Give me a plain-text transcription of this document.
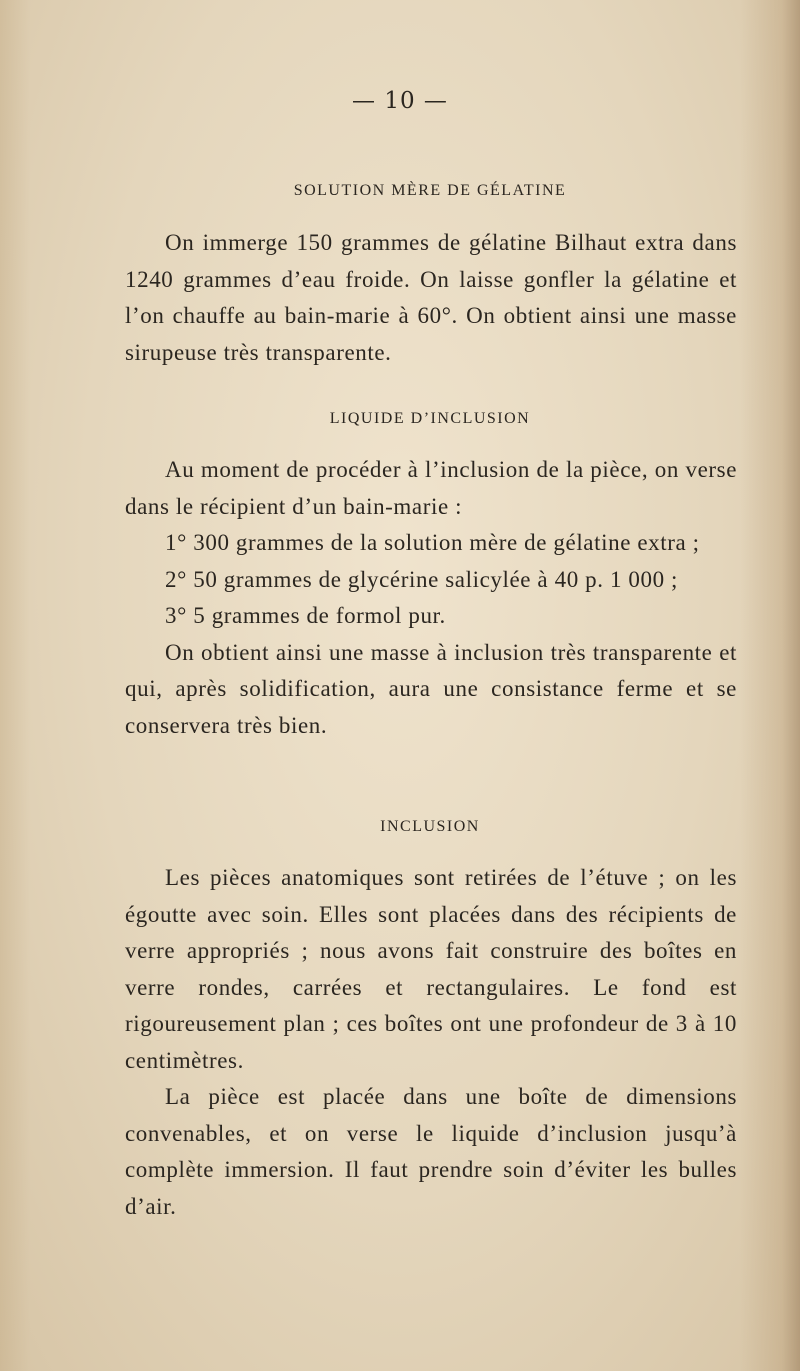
— 10 —
SOLUTION MÈRE DE GÉLATINE

On immerge 150 grammes de gélatine Bilhaut extra dans 1240 grammes d’eau froide. On laisse gonfler la gélatine et l’on chauffe au bain-marie à 60°. On obtient ainsi une masse sirupeuse très transparente.

LIQUIDE D’INCLUSION

Au moment de procéder à l’inclusion de la pièce, on verse dans le récipient d’un bain-marie :

1° 300 grammes de la solution mère de gélatine extra ;

2° 50 grammes de glycérine salicylée à 40 p. 1 000 ;

3° 5 grammes de formol pur.

On obtient ainsi une masse à inclusion très transparente et qui, après solidification, aura une consistance ferme et se conservera très bien.

INCLUSION

Les pièces anatomiques sont retirées de l’étuve ; on les égoutte avec soin. Elles sont placées dans des récipients de verre appropriés ; nous avons fait construire des boîtes en verre rondes, carrées et rectangulaires. Le fond est rigoureusement plan ; ces boîtes ont une profondeur de 3 à 10 centimètres.

La pièce est placée dans une boîte de dimensions convenables, et on verse le liquide d’inclusion jusqu’à complète immersion. Il faut prendre soin d’éviter les bulles d’air.
